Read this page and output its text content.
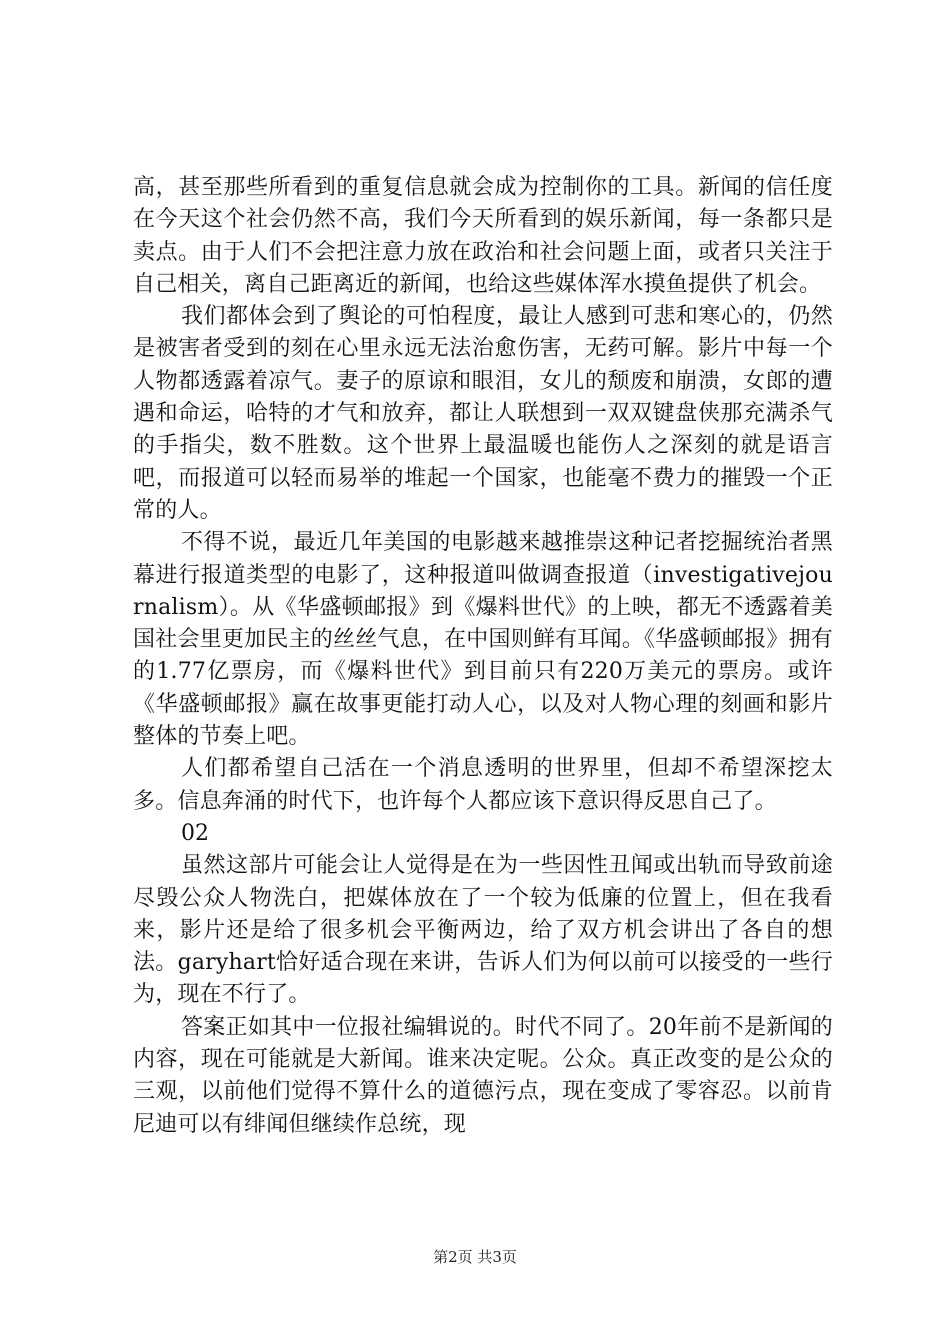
高，甚至那些所看到的重复信息就会成为控制你的工具。新闻的信任度在今天这个社会仍然不高，我们今天所看到的娱乐新闻，每一条都只是卖点。由于人们不会把注意力放在政治和社会问题上面，或者只关注于自己相关，离自己距离近的新闻，也给这些媒体浑水摸鱼提供了机会。

我们都体会到了舆论的可怕程度，最让人感到可悲和寒心的，仍然是被害者受到的刻在心里永远无法治愈伤害，无药可解。影片中每一个人物都透露着凉气。妻子的原谅和眼泪，女儿的颓废和崩溃，女郎的遭遇和命运，哈特的才气和放弃，都让人联想到一双双键盘侠那充满杀气的手指尖，数不胜数。这个世界上最温暖也能伤人之深刻的就是语言吧，而报道可以轻而易举的堆起一个国家，也能毫不费力的摧毁一个正常的人。

不得不说，最近几年美国的电影越来越推崇这种记者挖掘统治者黑幕进行报道类型的电影了，这种报道叫做调查报道（investigativejournalism）。从《华盛顿邮报》到《爆料世代》的上映，都无不透露着美国社会里更加民主的丝丝气息，在中国则鲜有耳闻。《华盛顿邮报》拥有的1.77亿票房，而《爆料世代》到目前只有220万美元的票房。或许《华盛顿邮报》赢在故事更能打动人心，以及对人物心理的刻画和影片整体的节奏上吧。

人们都希望自己活在一个消息透明的世界里，但却不希望深挖太多。信息奔涌的时代下，也许每个人都应该下意识得反思自己了。

02

虽然这部片可能会让人觉得是在为一些因性丑闻或出轨而导致前途尽毁公众人物洗白，把媒体放在了一个较为低廉的位置上，但在我看来，影片还是给了很多机会平衡两边，给了双方机会讲出了各自的想法。garyhart恰好适合现在来讲，告诉人们为何以前可以接受的一些行为，现在不行了。

答案正如其中一位报社编辑说的。时代不同了。20年前不是新闻的内容，现在可能就是大新闻。谁来决定呢。公众。真正改变的是公众的三观，以前他们觉得不算什么的道德污点，现在变成了零容忍。以前肯尼迪可以有绯闻但继续作总统，现

第2页 共3页
